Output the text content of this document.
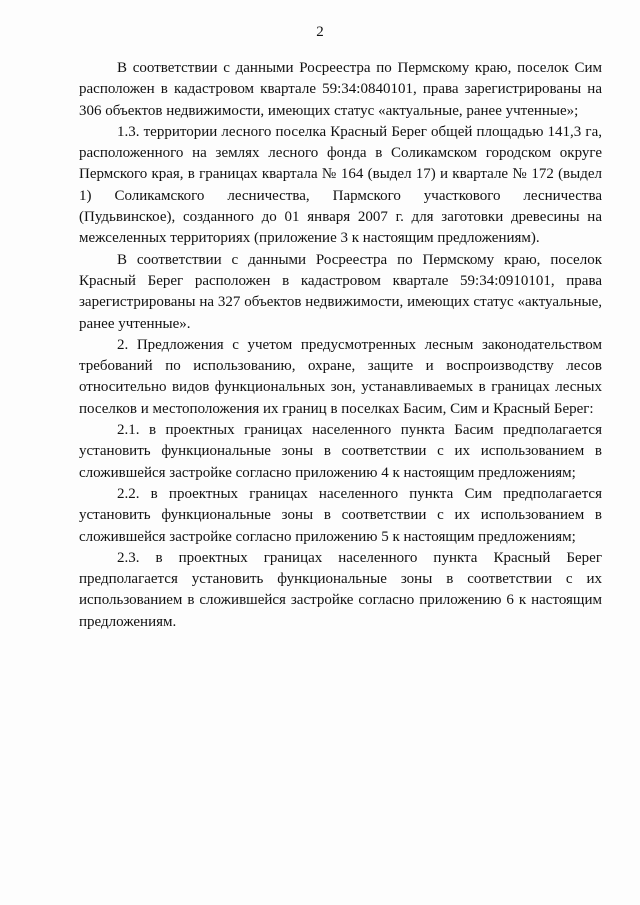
2

В соответствии с данными Росреестра по Пермскому краю, поселок Сим расположен в кадастровом квартале 59:34:0840101, права зарегистрированы на 306 объектов недвижимости, имеющих статус «актуальные, ранее учтенные»;

1.3. территории лесного поселка Красный Берег общей площадью 141,3 га, расположенного на землях лесного фонда в Соликамском городском округе Пермского края, в границах квартала № 164 (выдел 17) и квартале № 172 (выдел 1) Соликамского лесничества, Пармского участкового лесничества (Пудьвинское), созданного до 01 января 2007 г. для заготовки древесины на межселенных территориях (приложение 3 к настоящим предложениям).

В соответствии с данными Росреестра по Пермскому краю, поселок Красный Берег расположен в кадастровом квартале 59:34:0910101, права зарегистрированы на 327 объектов недвижимости, имеющих статус «актуальные, ранее учтенные».

2. Предложения с учетом предусмотренных лесным законодательством требований по использованию, охране, защите и воспроизводству лесов относительно видов функциональных зон, устанавливаемых в границах лесных поселков и местоположения их границ в поселках Басим, Сим и Красный Берег:

2.1. в проектных границах населенного пункта Басим предполагается установить функциональные зоны в соответствии с их использованием в сложившейся застройке согласно приложению 4 к настоящим предложениям;

2.2. в проектных границах населенного пункта Сим предполагается установить функциональные зоны в соответствии с их использованием в сложившейся застройке согласно приложению 5 к настоящим предложениям;

2.3. в проектных границах населенного пункта Красный Берег предполагается установить функциональные зоны в соответствии с их использованием в сложившейся застройке согласно приложению 6 к настоящим предложениям.
